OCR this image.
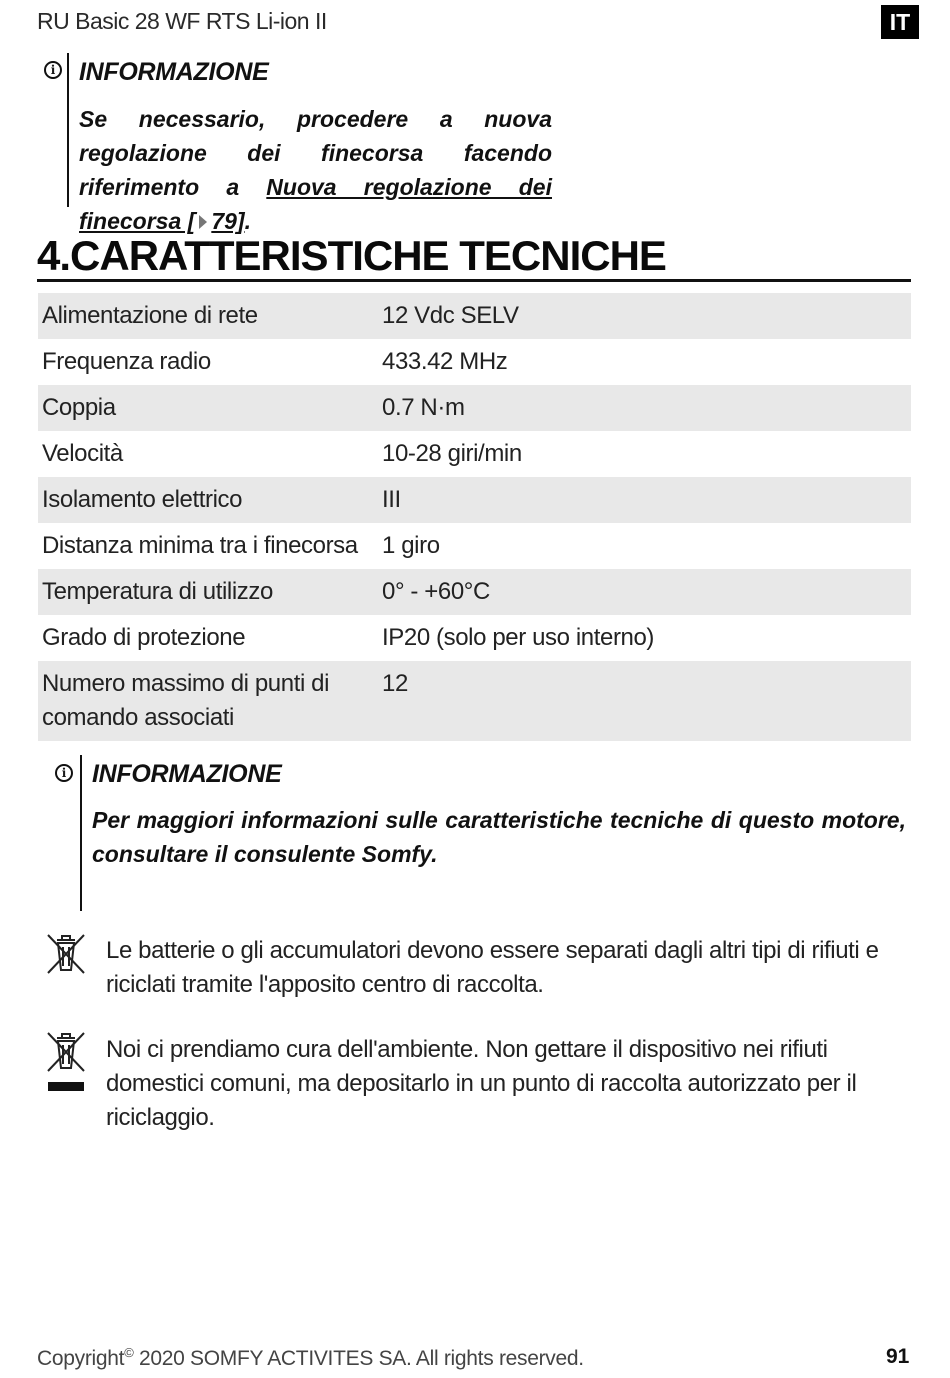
RU Basic 28 WF RTS Li-ion II	IT
i INFORMAZIONE

Se necessario, procedere a nuova regolazione dei finecorsa facendo riferimento a Nuova regolazione dei finecorsa [ 79].

4.CARATTERISTICHE TECNICHE
Alimentazione di rete	12 Vdc SELV
Frequenza radio	433.42 MHz
Coppia	0.7 N·m
Velocità	10-28 giri/min
Isolamento elettrico	III
Distanza minima tra i finecorsa	1 giro
Temperatura di utilizzo	0° - +60°C
Grado di protezione	IP20 (solo per uso interno)
Numero massimo di punti di comando associati	12
i INFORMAZIONE

Per maggiori informazioni sulle caratteristiche tecniche di questo motore, consultare il consulente Somfy.

Le batterie o gli accumulatori devono essere separati dagli altri tipi di rifiuti e riciclati tramite l'apposito centro di raccolta.

Noi ci prendiamo cura dell'ambiente. Non gettare il dispositivo nei rifiuti domestici comuni, ma depositarlo in un punto di raccolta autorizzato per il riciclaggio.

Copyright© 2020 SOMFY ACTIVITES SA. All rights reserved.	91
